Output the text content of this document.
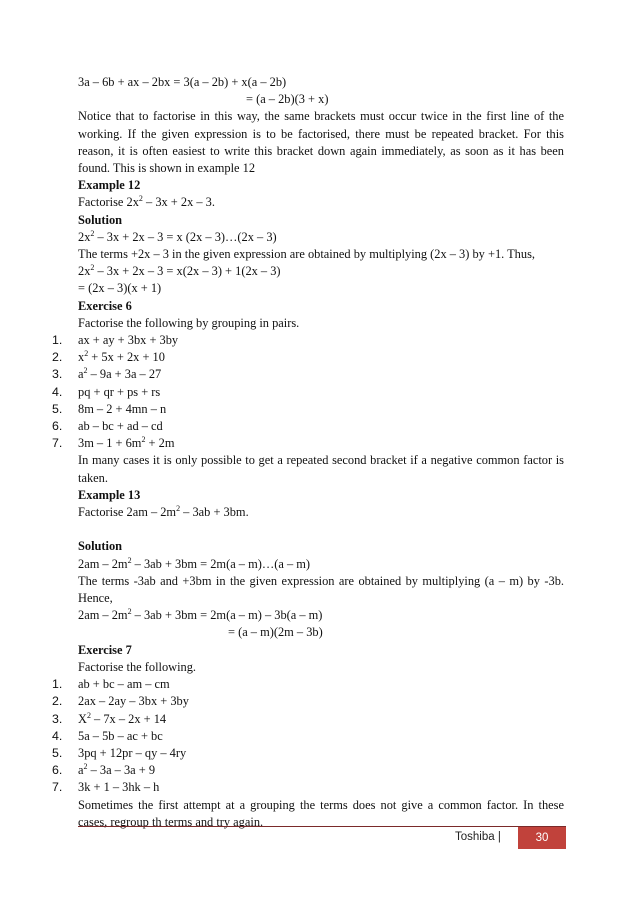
3a – 6b + ax – 2bx = 3(a – 2b) + x(a – 2b)

= (a – 2b)(3 + x)

Notice that to factorise in this way, the same brackets must occur twice in the first line of the working. If the given expression is to be factorised, there must be repeated bracket. For this reason, it is often easiest to write this bracket down again immediately, as soon as it has been found. This is shown in example 12

Example 12

Factorise $2x^2 - 3x + 2x - 3$.

Solution

$2x^2 - 3x + 2x - 3 = x$ (2x – 3)…(2x – 3)

The terms +2x – 3 in the given expression are obtained by multiplying (2x – 3) by +1. Thus,

$2x^2 - 3x + 2x - 3 = x(2x - 3) + 1(2x - 3)$

= (2x – 3)(x + 1)

Exercise 6

Factorise the following by grouping in pairs.

1.	ax + ay + 3bx + 3by

2.	$x^2 + 5x + 2x + 10$

3.	$a^2 - 9a + 3a - 27$

4.	pq + qr + ps + rs

5.	8m – 2 + 4mn – n

6.	ab – bc + ad – cd

7.	$3m - 1 + 6m^2 + 2m$

In many cases it is only possible to get a repeated second bracket if a negative common factor is taken.

Example 13

Factorise $2am - 2m^2 - 3ab + 3bm$.

Solution

$2am - 2m^2 - 3ab + 3bm = 2m(a$ – m)…(a – m)

The terms -3ab and +3bm in the given expression are obtained by multiplying (a – m) by -3b. Hence,

$2am - 2m^2 - 3ab + 3bm = 2m(a - m) - 3b(a - m)$

= (a – m)(2m – 3b)

Exercise 7

Factorise the following.

1.	ab + bc – am – cm

2.	2ax – 2ay – 3bx + 3by

3.	$X^2 - 7x - 2x + 14$

4.	5a – 5b – ac + bc

5.	3pq + 12pr – qy – 4ry

6.	$a^2 - 3a - 3a + 9$

7.	3k + 1 – 3hk – h

Sometimes the first attempt at a grouping the terms does not give a common factor. In these cases, regroup th terms and try again.

Toshiba |	30
